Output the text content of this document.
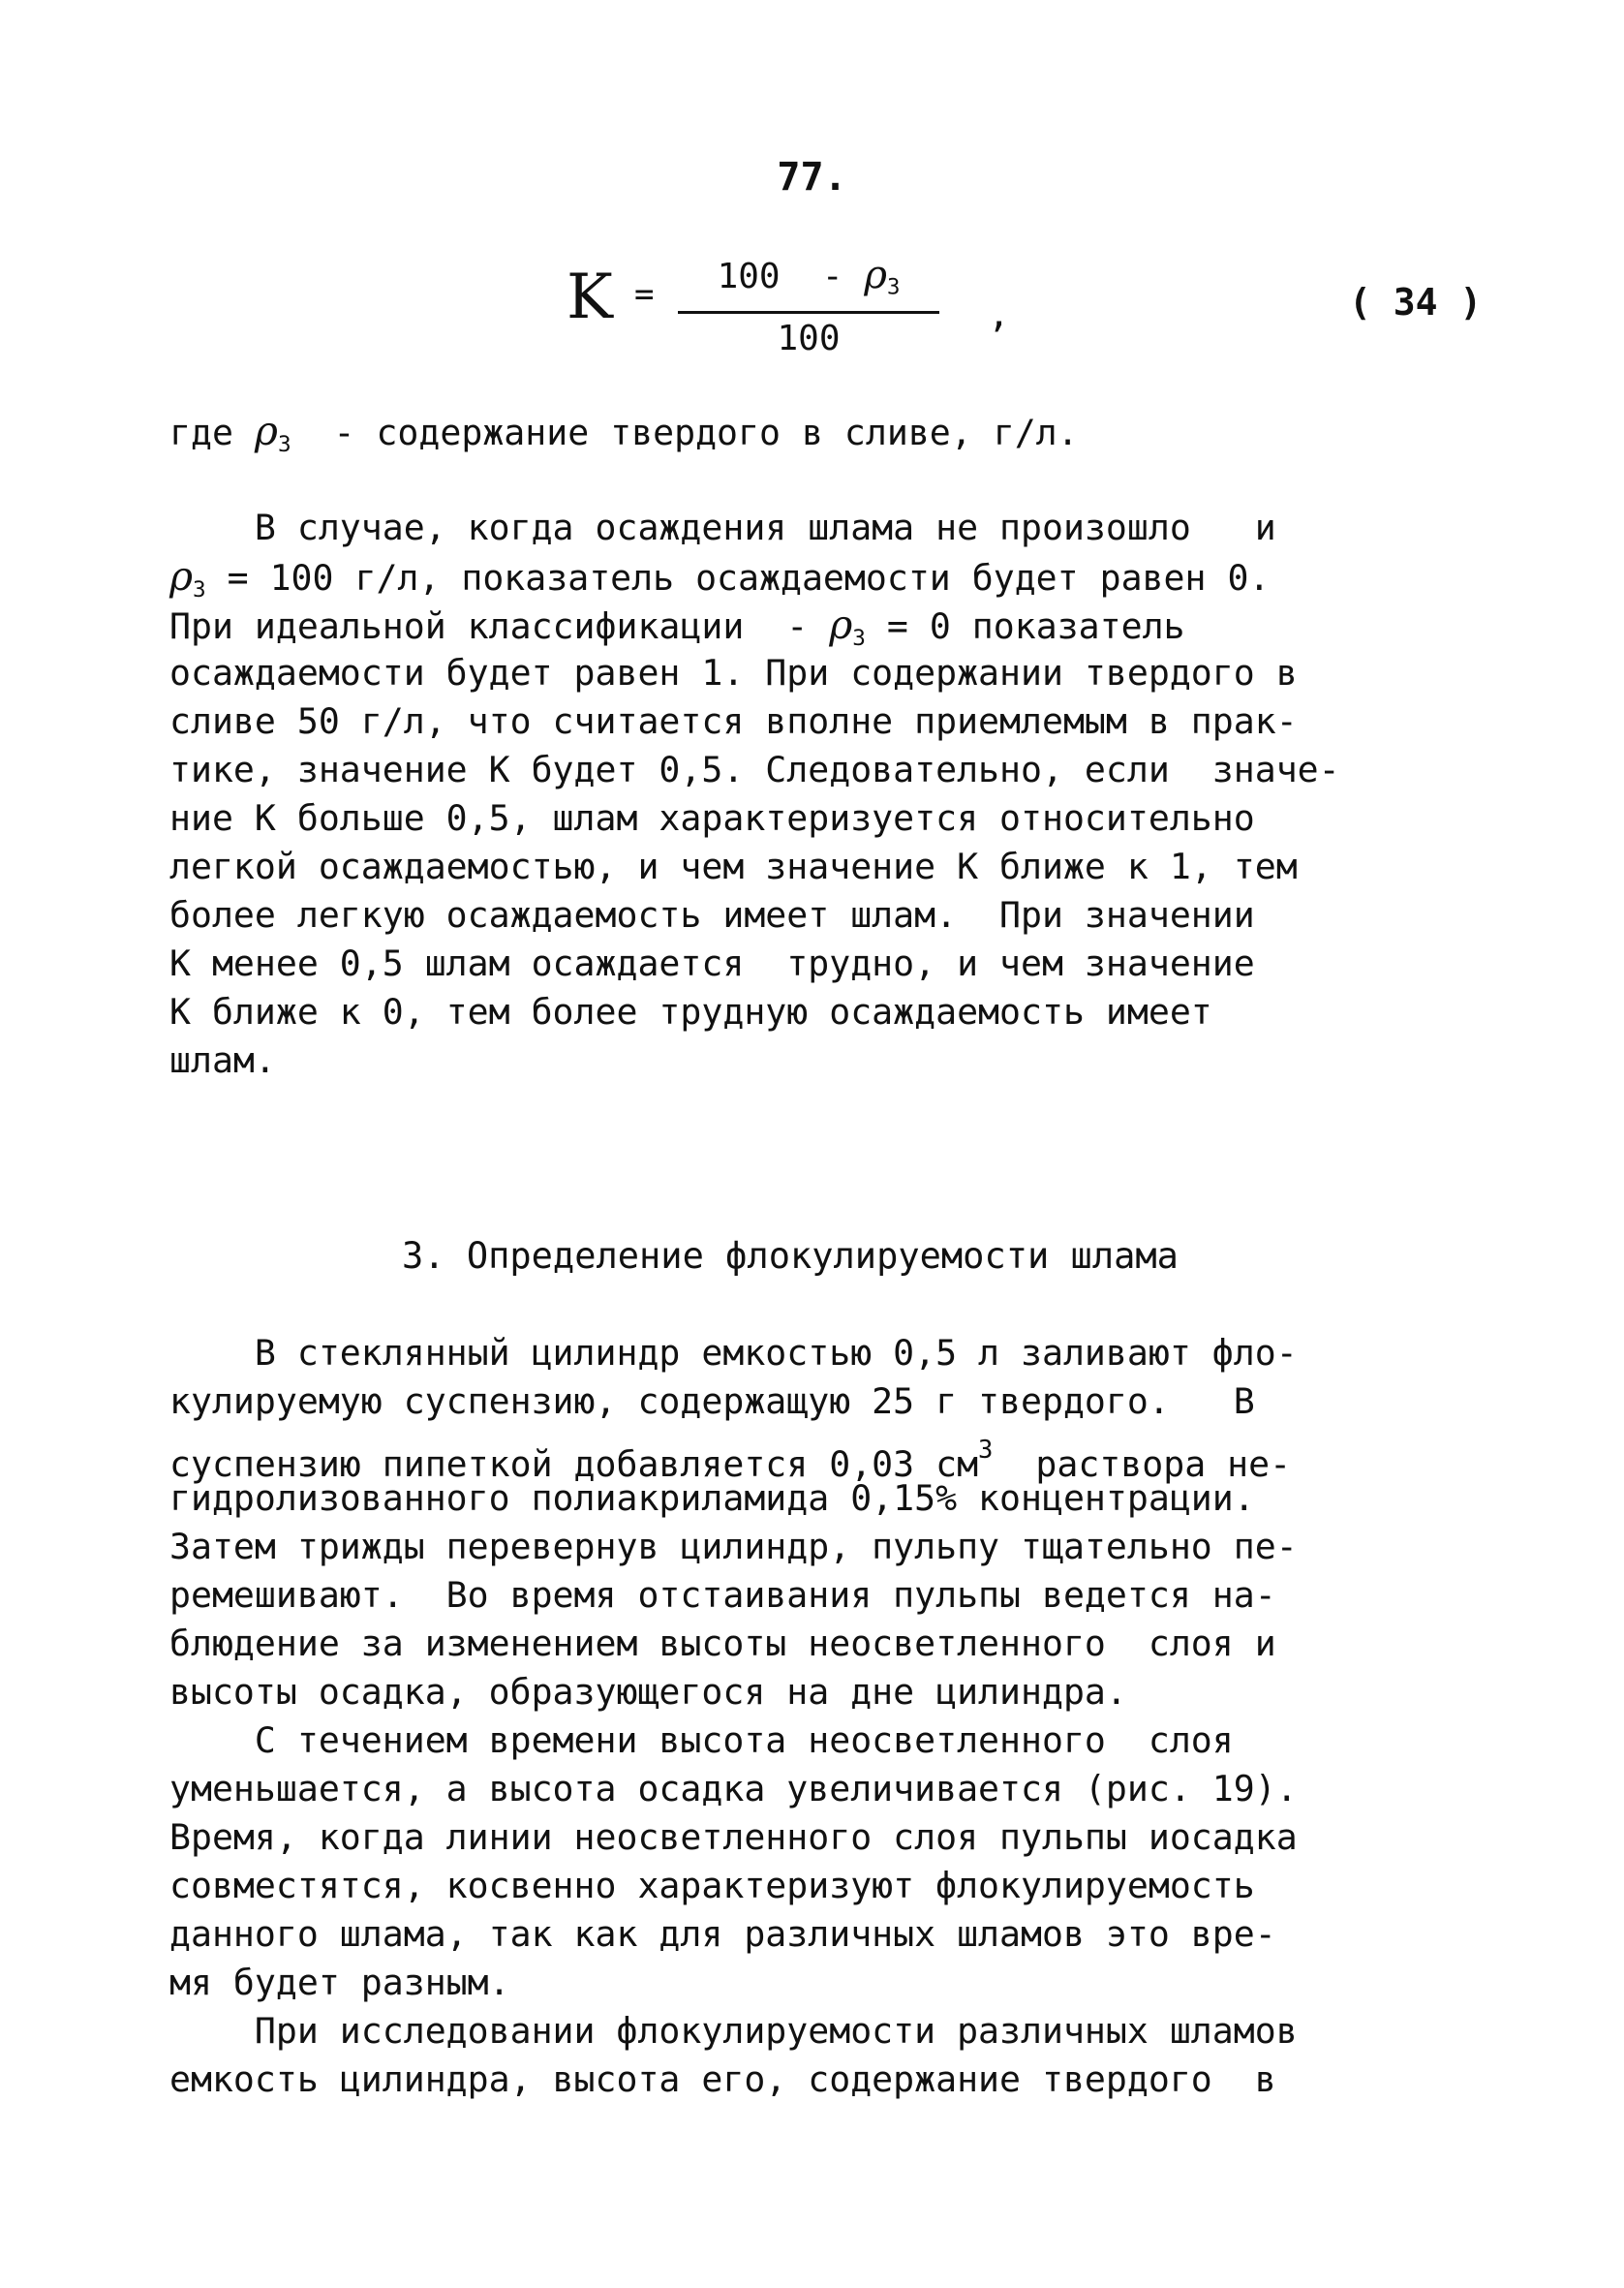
77.
K =	$100 - \rho_3$
100
,	( 34 )
где $\rho_3$  - содержание твердого в сливе, г/л.
В случае, когда осаждения шлама не произошло   и
$\rho_3 = 100$ г/л, показатель осаждаемости будет равен 0.
При идеальной классификации  - $\rho_3 = 0$ показатель
осаждаемости будет равен 1. При содержании твердого в
сливе 50 г/л, что считается вполне приемлемым в прак-
тике, значение К будет 0,5. Следовательно, если  значе-
ние К больше 0,5, шлам характеризуется относительно
легкой осаждаемостью, и чем значение К ближе к 1, тем
более легкую осаждаемость имеет шлам.  При значении
К менее 0,5 шлам осаждается  трудно, и чем значение
К ближе к 0, тем более трудную осаждаемость имеет
шлам.
3. Определение флокулируемости шлама
В стеклянный цилиндр емкостью 0,5 л заливают фло-
кулируемую суспензию, содержащую 25 г твердого.   В
суспензию пипеткой добавляется 0,03 $см^3$  раствора не-
гидролизованного полиакриламида 0,15% концентрации.
Затем трижды перевернув цилиндр, пульпу тщательно пе-
ремешивают.  Во время отстаивания пульпы ведется на-
блюдение за изменением высоты неосветленного  слоя и
высоты осадка, образующегося на дне цилиндра.
С течением времени высота неосветленного  слоя
уменьшается, а высота осадка увеличивается (рис. 19).
Время, когда линии неосветленного слоя пульпы иосадка
совместятся, косвенно характеризуют флокулируемость
данного шлама, так как для различных шламов это вре-
мя будет разным.
При исследовании флокулируемости различных шламов
емкость цилиндра, высота его, содержание твердого  в
